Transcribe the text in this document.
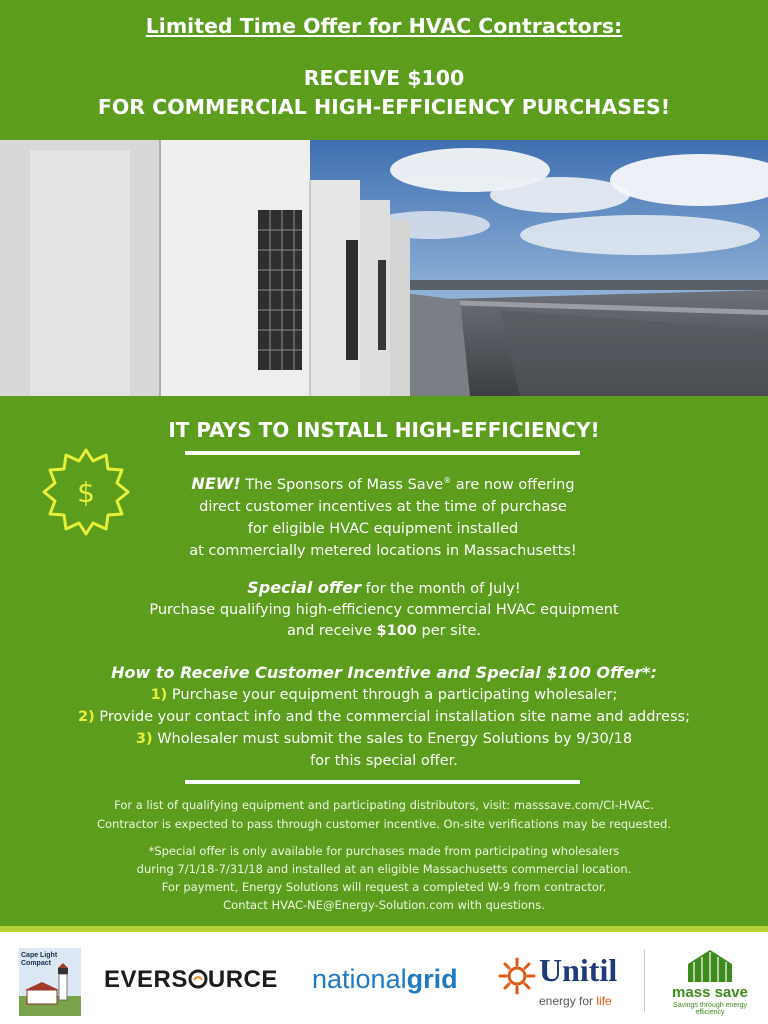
Limited Time Offer for HVAC Contractors:
RECEIVE $100
FOR COMMERCIAL HIGH-EFFICIENCY PURCHASES!
IT PAYS TO INSTALL HIGH-EFFICIENCY!
$	NEW! The Sponsors of Mass Save® are now offering
direct customer incentives at the time of purchase
for eligible HVAC equipment installed
at commercially metered locations in Massachusetts!
Special offer for the month of July!
Purchase qualifying high-efficiency commercial HVAC equipment
and receive $100 per site.
How to Receive Customer Incentive and Special $100 Offer*:
1) Purchase your equipment through a participating wholesaler;
2) Provide your contact info and the commercial installation site name and address;
3) Wholesaler must submit the sales to Energy Solutions by 9/30/18
for this special offer.
For a list of qualifying equipment and participating distributors, visit: masssave.com/CI-HVAC.
Contractor is expected to pass through customer incentive. On-site verifications may be requested.
*Special offer is only available for purchases made from participating wholesalers
during 7/1/18-7/31/18 and installed at an eligible Massachusetts commercial location.
For payment, Energy Solutions will request a completed W-9 from contractor.
Contact HVAC-NE@Energy-Solution.com with questions.
Cape Light
Compact
EVERS URCE nationalgrid	Unitil
energy for life	mass save
Savings through energy efficiency
